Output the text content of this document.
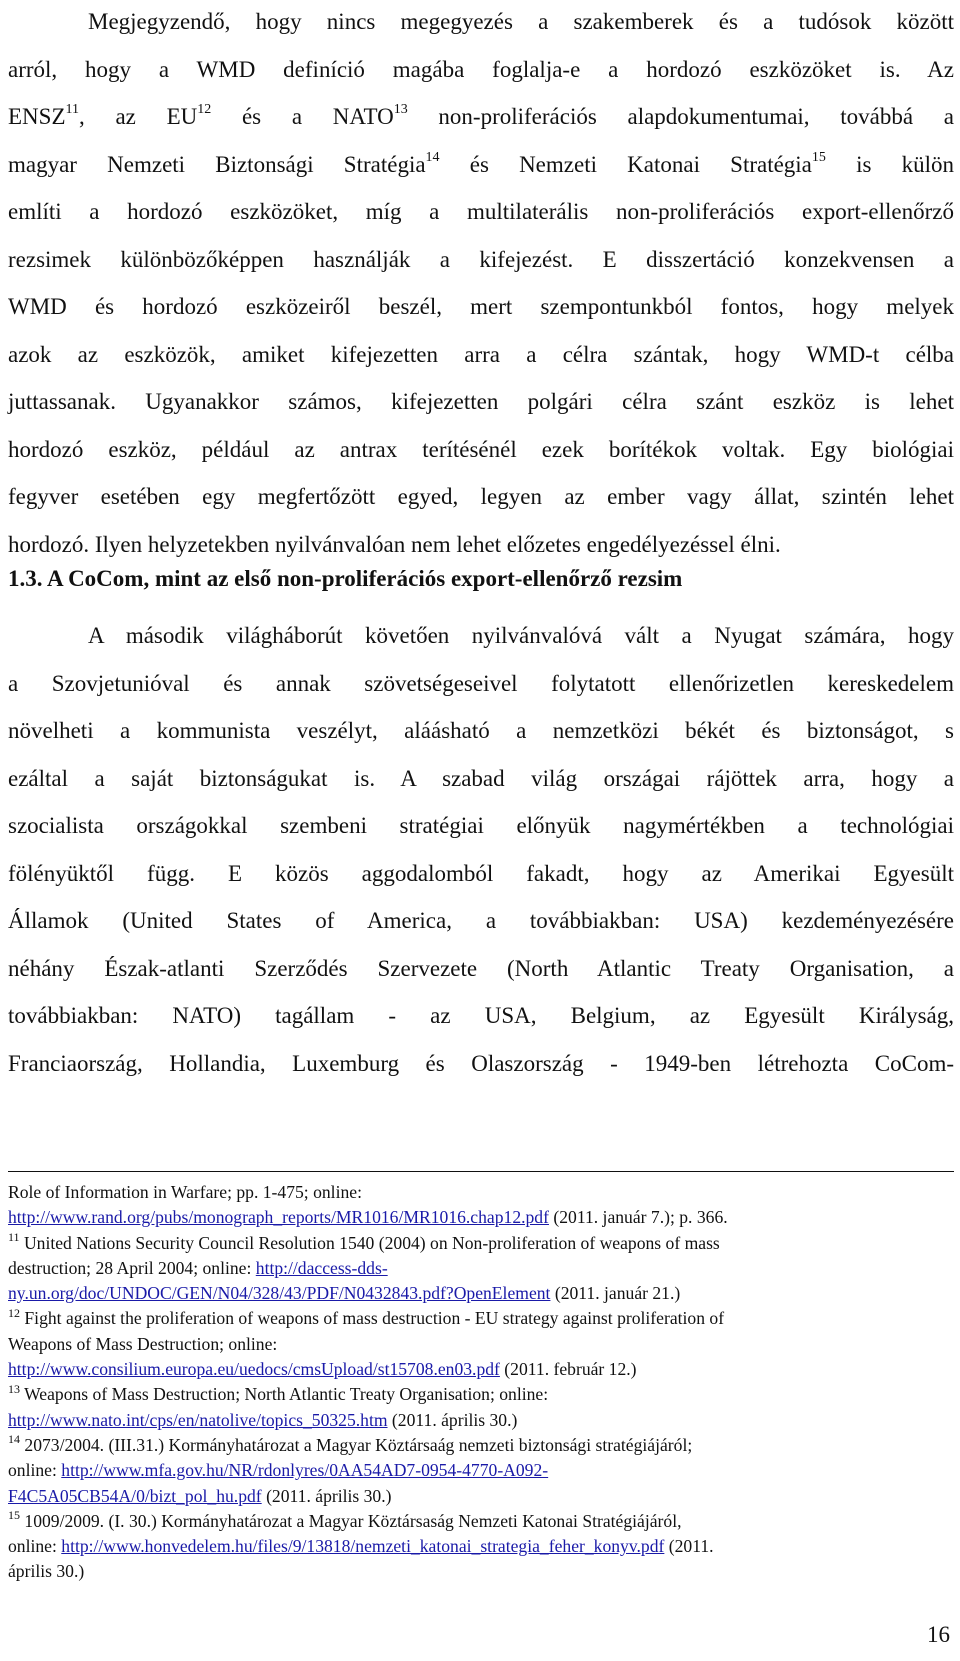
Megjegyzendő, hogy nincs megegyezés a szakemberek és a tudósok között
arról, hogy a WMD definíció magába foglalja-e a hordozó eszközöket is. Az
ENSZ$^{11}$, az EU$^{12}$ és a NATO$^{13}$ non-proliferációs alapdokumentumai, továbbá a
magyar Nemzeti Biztonsági Stratégia$^{14}$ és Nemzeti Katonai Stratégia$^{15}$ is külön
említi a hordozó eszközöket, míg a multilaterális non-proliferációs export-ellenőrző
rezsimek különbözőképpen használják a kifejezést. E disszertáció konzekvensen a
WMD és hordozó eszközeiről beszél, mert szempontunkból fontos, hogy melyek
azok az eszközök, amiket kifejezetten arra a célra szántak, hogy WMD-t célba
juttassanak. Ugyanakkor számos, kifejezetten polgári célra szánt eszköz is lehet
hordozó eszköz, például az antrax terítésénél ezek borítékok voltak. Egy biológiai
fegyver esetében egy megfertőzött egyed, legyen az ember vagy állat, szintén lehet
hordozó. Ilyen helyzetekben nyilvánvalóan nem lehet előzetes engedélyezéssel élni.
1.3. A CoCom, mint az első non-proliferációs export-ellenőrző rezsim
A második világháborút követően nyilvánvalóvá vált a Nyugat számára, hogy
a Szovjetunióval és annak szövetségeseivel folytatott ellenőrizetlen kereskedelem
növelheti a kommunista veszélyt, aláásható a nemzetközi békét és biztonságot, s
ezáltal a saját biztonságukat is. A szabad világ országai rájöttek arra, hogy a
szocialista országokkal szembeni stratégiai előnyük nagymértékben a technológiai
fölényüktől függ. E közös aggodalomból fakadt, hogy az Amerikai Egyesült
Államok (United States of America, a továbbiakban: USA) kezdeményezésére
néhány Észak-atlanti Szerződés Szervezete (North Atlantic Treaty Organisation, a
továbbiakban: NATO) tagállam - az USA, Belgium, az Egyesült Királyság,
Franciaország, Hollandia, Luxemburg és Olaszország - 1949-ben létrehozta CoCom-
Role of Information in Warfare; pp. 1-475; online:
http://www.rand.org/pubs/monograph_reports/MR1016/MR1016.chap12.pdf (2011. január 7.); p. 366.
$^{11}$ United Nations Security Council Resolution 1540 (2004) on Non-proliferation of weapons of mass
destruction; 28 April 2004; online: http://daccess-dds-
ny.un.org/doc/UNDOC/GEN/N04/328/43/PDF/N0432843.pdf?OpenElement (2011. január 21.)
$^{12}$ Fight against the proliferation of weapons of mass destruction - EU strategy against proliferation of
Weapons of Mass Destruction; online:
http://www.consilium.europa.eu/uedocs/cmsUpload/st15708.en03.pdf (2011. február 12.)
$^{13}$ Weapons of Mass Destruction; North Atlantic Treaty Organisation; online:
http://www.nato.int/cps/en/natolive/topics_50325.htm (2011. április 30.)
$^{14}$ 2073/2004. (III.31.) Kormányhatározat a Magyar Köztársaág nemzeti biztonsági stratégiájáról;
online: http://www.mfa.gov.hu/NR/rdonlyres/0AA54AD7-0954-4770-A092-
F4C5A05CB54A/0/bizt_pol_hu.pdf (2011. április 30.)
$^{15}$ 1009/2009. (I. 30.) Kormányhatározat a Magyar Köztársaság Nemzeti Katonai Stratégiájáról,
online: http://www.honvedelem.hu/files/9/13818/nemzeti_katonai_strategia_feher_konyv.pdf (2011.
április 30.)
16
